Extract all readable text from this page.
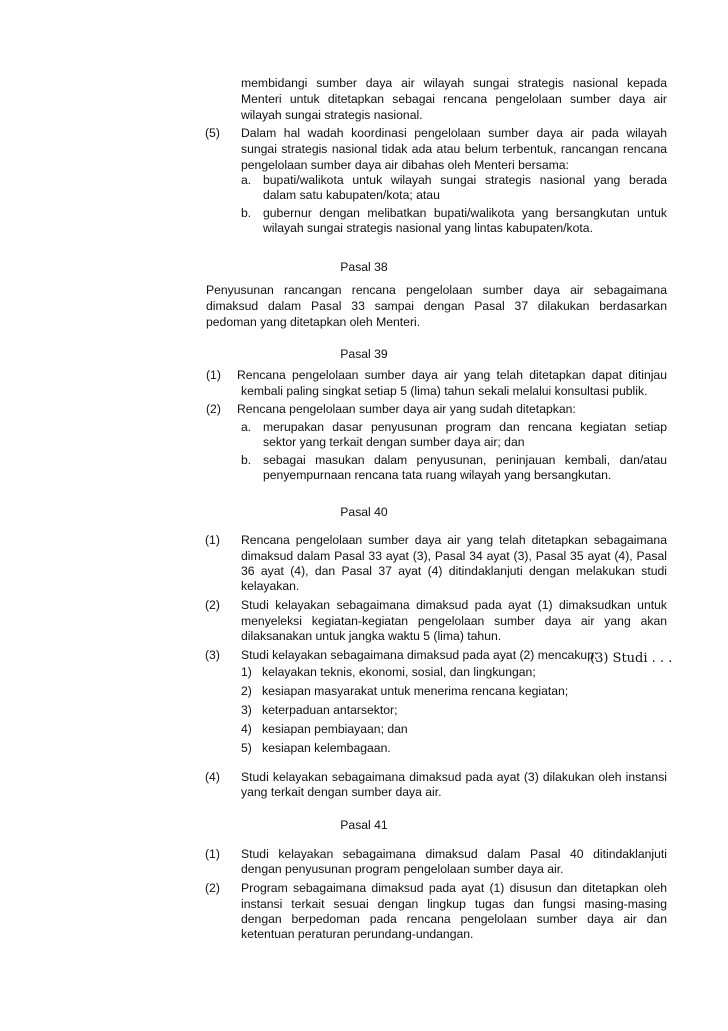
membidangi sumber daya air wilayah sungai strategis nasional kepada
Menteri untuk ditetapkan sebagai rencana pengelolaan sumber daya air
wilayah sungai strategis nasional.
(5) Dalam hal wadah koordinasi pengelolaan sumber daya air pada wilayah
sungai strategis nasional tidak ada atau belum terbentuk, rancangan rencana
pengelolaan sumber daya air dibahas oleh Menteri bersama:
a. bupati/walikota untuk wilayah sungai strategis nasional yang berada
dalam satu kabupaten/kota; atau
b. gubernur dengan melibatkan bupati/walikota yang bersangkutan untuk
wilayah sungai strategis nasional yang lintas kabupaten/kota.
Pasal 38
Penyusunan rancangan rencana pengelolaan sumber daya air sebagaimana
dimaksud dalam Pasal 33 sampai dengan Pasal 37 dilakukan berdasarkan
pedoman yang ditetapkan oleh Menteri.
Pasal 39
(1) Rencana pengelolaan sumber daya air yang telah ditetapkan dapat ditinjau
kembali paling singkat setiap 5 (lima) tahun sekali melalui konsultasi publik.
(2) Rencana pengelolaan sumber daya air yang sudah ditetapkan:
a. merupakan dasar penyusunan program dan rencana kegiatan setiap
sektor yang terkait dengan sumber daya air; dan
b. sebagai masukan dalam penyusunan, peninjauan kembali, dan/atau
penyempurnaan rencana tata ruang wilayah yang bersangkutan.
Pasal 40
(1) Rencana pengelolaan sumber daya air yang telah ditetapkan sebagaimana
dimaksud dalam Pasal 33 ayat (3), Pasal 34 ayat (3), Pasal 35 ayat (4), Pasal
36 ayat (4), dan Pasal 37 ayat (4) ditindaklanjuti dengan melakukan studi
kelayakan.
(2) Studi kelayakan sebagaimana dimaksud pada ayat (1) dimaksudkan untuk
menyeleksi kegiatan-kegiatan pengelolaan sumber daya air yang akan
dilaksanakan untuk jangka waktu 5 (lima) tahun.
(3) Studi kelayakan sebagaimana dimaksud pada ayat (2) mencakup:
(3) Studi . . .
1) kelayakan teknis, ekonomi, sosial, dan lingkungan;
2) kesiapan masyarakat untuk menerima rencana kegiatan;
3) keterpaduan antarsektor;
4) kesiapan pembiayaan; dan
5) kesiapan kelembagaan.
(4) Studi kelayakan sebagaimana dimaksud pada ayat (3) dilakukan oleh instansi
yang terkait dengan sumber daya air.
Pasal 41
(1) Studi kelayakan sebagaimana dimaksud dalam Pasal 40 ditindaklanjuti
dengan penyusunan program pengelolaan sumber daya air.
(2) Program sebagaimana dimaksud pada ayat (1) disusun dan ditetapkan oleh
instansi terkait sesuai dengan lingkup tugas dan fungsi masing-masing
dengan berpedoman pada rencana pengelolaan sumber daya air dan
ketentuan peraturan perundang-undangan.
